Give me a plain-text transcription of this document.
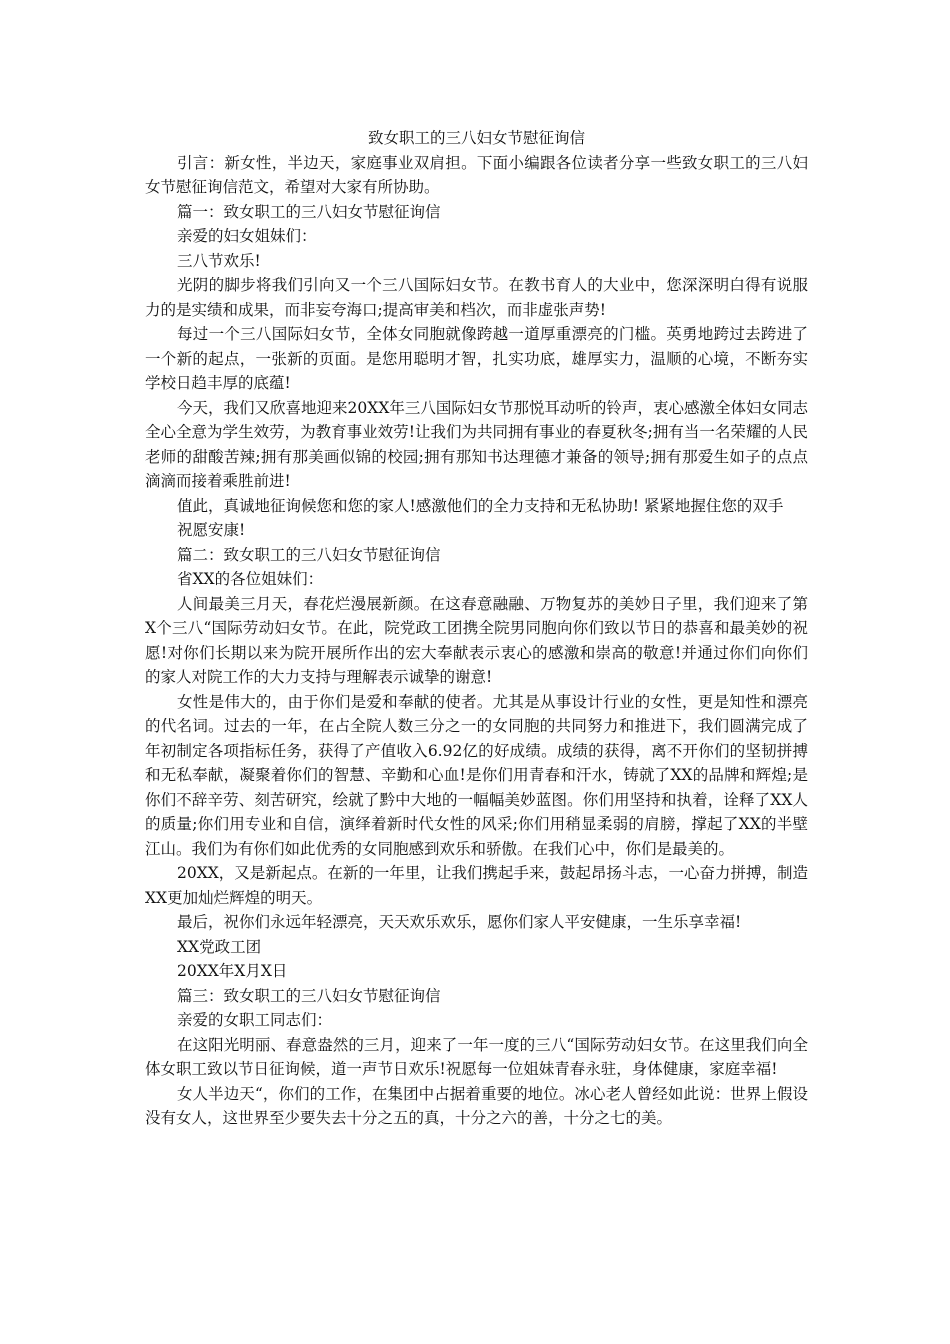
致女职工的三八妇女节慰征询信

引言：新女性，半边天，家庭事业双肩担。下面小编跟各位读者分享一些致女职工的三八妇女节慰征询信范文，希望对大家有所协助。

篇一：致女职工的三八妇女节慰征询信

亲爱的妇女姐妹们：

三八节欢乐!

光阴的脚步将我们引向又一个三八国际妇女节。在教书育人的大业中，您深深明白得有说服力的是实绩和成果，而非妄夸海口;提高审美和档次，而非虚张声势!

每过一个三八国际妇女节，全体女同胞就像跨越一道厚重漂亮的门槛。英勇地跨过去跨进了一个新的起点，一张新的页面。是您用聪明才智，扎实功底，雄厚实力，温顺的心境，不断夯实学校日趋丰厚的底蕴!

今天，我们又欣喜地迎来20XX年三八国际妇女节那悦耳动听的铃声，衷心感激全体妇女同志全心全意为学生效劳，为教育事业效劳!让我们为共同拥有事业的春夏秋冬;拥有当一名荣耀的人民老师的甜酸苦辣;拥有那美画似锦的校园;拥有那知书达理德才兼备的领导;拥有那爱生如子的点点滴滴而接着乘胜前进!

值此，真诚地征询候您和您的家人!感激他们的全力支持和无私协助! 紧紧地握住您的双手

祝愿安康!

篇二：致女职工的三八妇女节慰征询信

省XX的各位姐妹们：

人间最美三月天，春花烂漫展新颜。在这春意融融、万物复苏的美妙日子里，我们迎来了第X个三八“国际劳动妇女节。在此，院党政工团携全院男同胞向你们致以节日的恭喜和最美妙的祝愿!对你们长期以来为院开展所作出的宏大奉献表示衷心的感激和崇高的敬意!并通过你们向你们的家人对院工作的大力支持与理解表示诚挚的谢意!

女性是伟大的，由于你们是爱和奉献的使者。尤其是从事设计行业的女性，更是知性和漂亮的代名词。过去的一年，在占全院人数三分之一的女同胞的共同努力和推进下，我们圆满完成了年初制定各项指标任务，获得了产值收入6.92亿的好成绩。成绩的获得，离不开你们的坚韧拼搏和无私奉献，凝聚着你们的智慧、辛勤和心血!是你们用青春和汗水，铸就了XX的品牌和辉煌;是你们不辞辛劳、刻苦研究，绘就了黔中大地的一幅幅美妙蓝图。你们用坚持和执着，诠释了XX人的质量;你们用专业和自信，演绎着新时代女性的风采;你们用稍显柔弱的肩膀，撑起了XX的半壁江山。我们为有你们如此优秀的女同胞感到欢乐和骄傲。在我们心中，你们是最美的。

20XX，又是新起点。在新的一年里，让我们携起手来，鼓起昂扬斗志，一心奋力拼搏，制造XX更加灿烂辉煌的明天。

最后，祝你们永远年轻漂亮，天天欢乐欢乐，愿你们家人平安健康，一生乐享幸福!

XX党政工团

20XX年X月X日

篇三：致女职工的三八妇女节慰征询信

亲爱的女职工同志们：

在这阳光明丽、春意盎然的三月，迎来了一年一度的三八“国际劳动妇女节。在这里我们向全体女职工致以节日征询候，道一声节日欢乐!祝愿每一位姐妹青春永驻，身体健康，家庭幸福!

女人半边天“，你们的工作，在集团中占据着重要的地位。冰心老人曾经如此说：世界上假设没有女人，这世界至少要失去十分之五的真，十分之六的善，十分之七的美。
